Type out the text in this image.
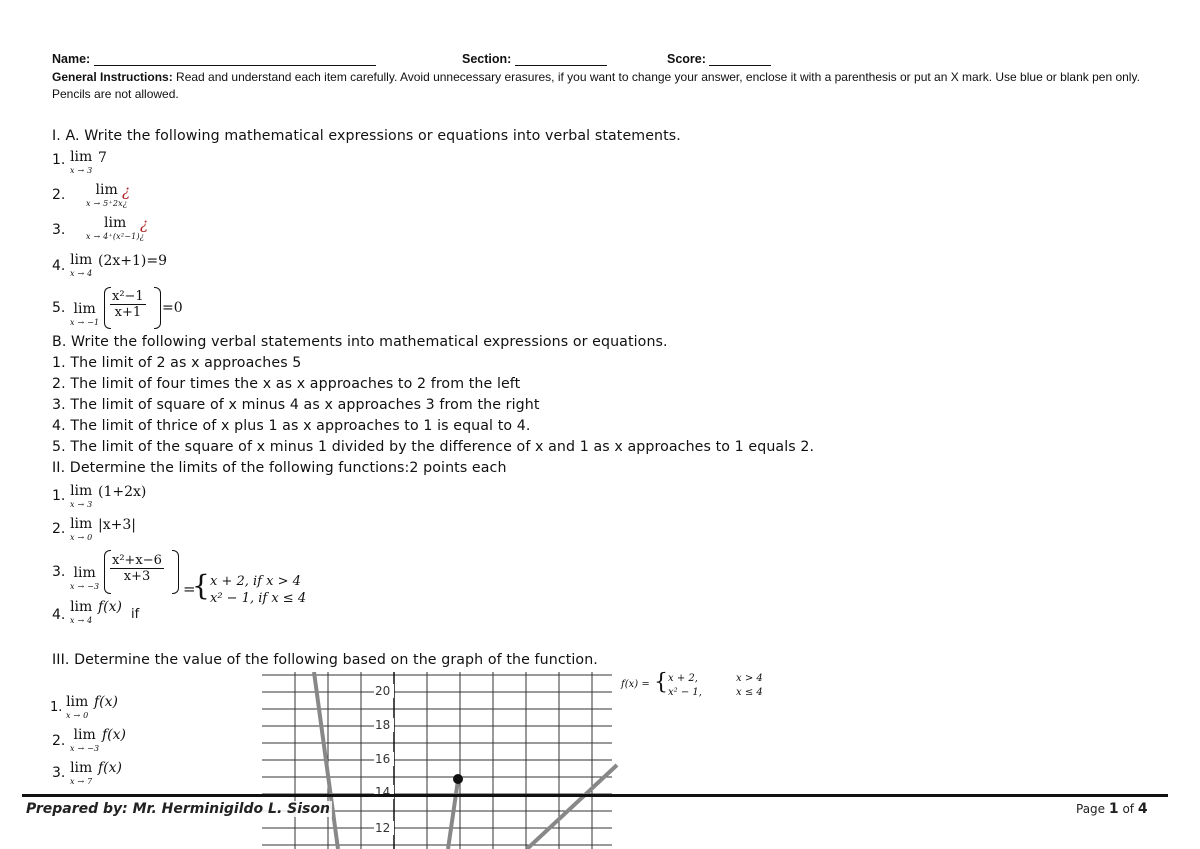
Name:	Section:	Score:
General Instructions: Read and understand each item carefully. Avoid unnecessary erasures, if you want to change your answer, enclose it with a parenthesis or put an X mark. Use blue or blank pen only. Pencils are not allowed.
I. A. Write the following mathematical expressions or equations into verbal statements.
1. lim
x → 3
7
2.	lim
x → 5⁺2x¿
¿
3.	lim
x → 4⁺(x²−1)¿
¿
4. lim
x → 4
(2x+1)=9
5. lim
x → −1
$\frac{\text{x²−1}}{x+1} =0$
B. Write the following verbal statements into mathematical expressions or equations.
1. The limit of 2 as x approaches 5
2. The limit of four times the x as x approaches to 2 from the left
3. The limit of square of x minus 4 as x approaches 3 from the right
4. The limit of thrice of x plus 1 as x approaches to 1 is equal to 4.
5. The limit of the square of x minus 1 divided by the difference of x and 1 as x approaches to 1 equals 2.
II. Determine the limits of the following functions:2 points each
1. lim
x → 3
(1+2x)
2. lim
x → 0
|x+3|
3. lim
x → −3
$\frac{\text{x²+x−6}}{x+3}$
=
{ x + 2, if x > 4
x² − 1, if x ≤ 4
4. lim
x → 4
f(x) if
III. Determine the value of the following based on the graph of the function.
1. lim
x → 0
f(x)
2. lim
x → −3
f(x)
3. lim
x → 7
f(x)
20
18
16
14
12
f(x) = { x + 2,	x > 4
x² − 1,	x ≤ 4
Prepared by: Mr. Herminigildo L. Sison	Page 1 of 4
